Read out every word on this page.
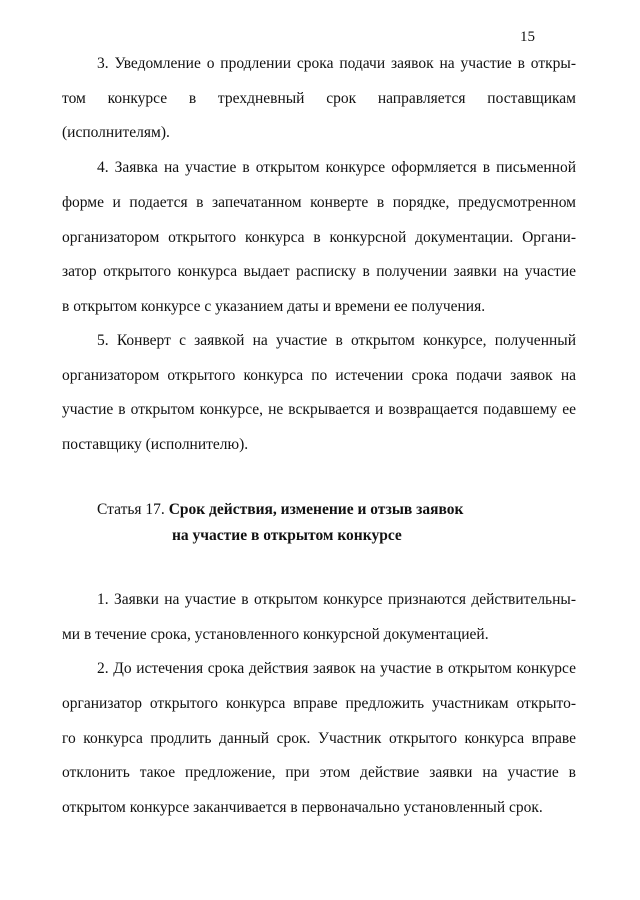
15
3. Уведомление о продлении срока подачи заявок на участие в откры-
том конкурсе в трехдневный срок направляется поставщикам
(исполнителям).
4. Заявка на участие в открытом конкурсе оформляется в письменной
форме и подается в запечатанном конверте в порядке, предусмотренном
организатором открытого конкурса в конкурсной документации. Органи-
затор открытого конкурса выдает расписку в получении заявки на участие
в открытом конкурсе с указанием даты и времени ее получения.
5. Конверт с заявкой на участие в открытом конкурсе, полученный
организатором открытого конкурса по истечении срока подачи заявок на
участие в открытом конкурсе, не вскрывается и возвращается подавшему ее
поставщику (исполнителю).
Статья 17. Срок действия, изменение и отзыв заявок
на участие в открытом конкурсе
1. Заявки на участие в открытом конкурсе признаются действительны-
ми в течение срока, установленного конкурсной документацией.
2. До истечения срока действия заявок на участие в открытом конкурсе
организатор открытого конкурса вправе предложить участникам открыто-
го конкурса продлить данный срок. Участник открытого конкурса вправе
отклонить такое предложение, при этом действие заявки на участие в
открытом конкурсе заканчивается в первоначально установленный срок.
